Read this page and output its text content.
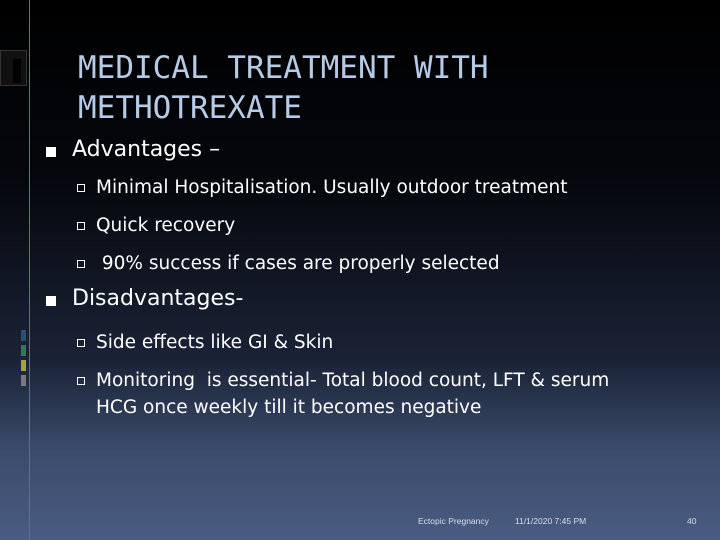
MEDICAL TREATMENT WITH METHOTREXATE
Advantages –
Minimal Hospitalisation. Usually outdoor treatment
Quick recovery
90% success if cases are properly selected
Disadvantages-
Side effects like GI & Skin
Monitoring  is essential- Total blood count, LFT & serum HCG once weekly till it becomes negative
Ectopic Pregnancy	11/1/2020 7:45 PM	40
